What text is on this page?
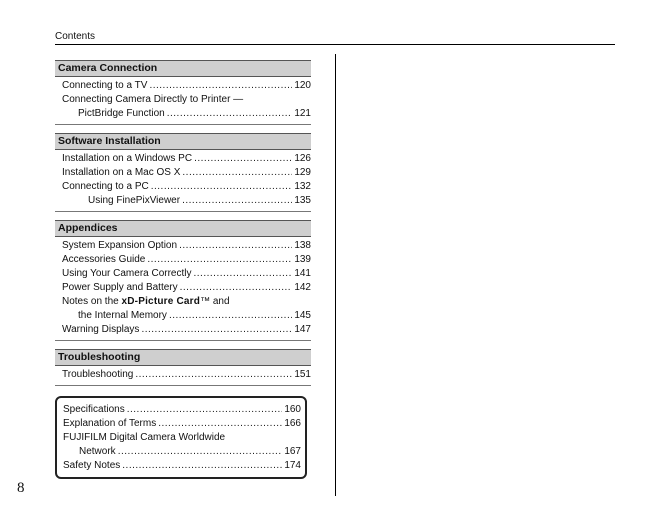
Contents
8
Camera Connection
Connecting to a TV .....	120
Connecting Camera Directly to Printer —
PictBridge Function .....	121
Software Installation
Installation on a Windows PC .....	126
Installation on a Mac OS X .....	129
Connecting to a PC .....	132
Using FinePixViewer .....	135
Appendices
System Expansion Option .....	138
Accessories Guide .....	139
Using Your Camera Correctly .....	141
Power Supply and Battery .....	142
Notes on the xD-Picture Card™ and
the Internal Memory .....	145
Warning Displays .....	147
Troubleshooting
Troubleshooting .....	151
Specifications .....	160
Explanation of Terms .....	166
FUJIFILM Digital Camera Worldwide
Network .....	167
Safety Notes .....	174
